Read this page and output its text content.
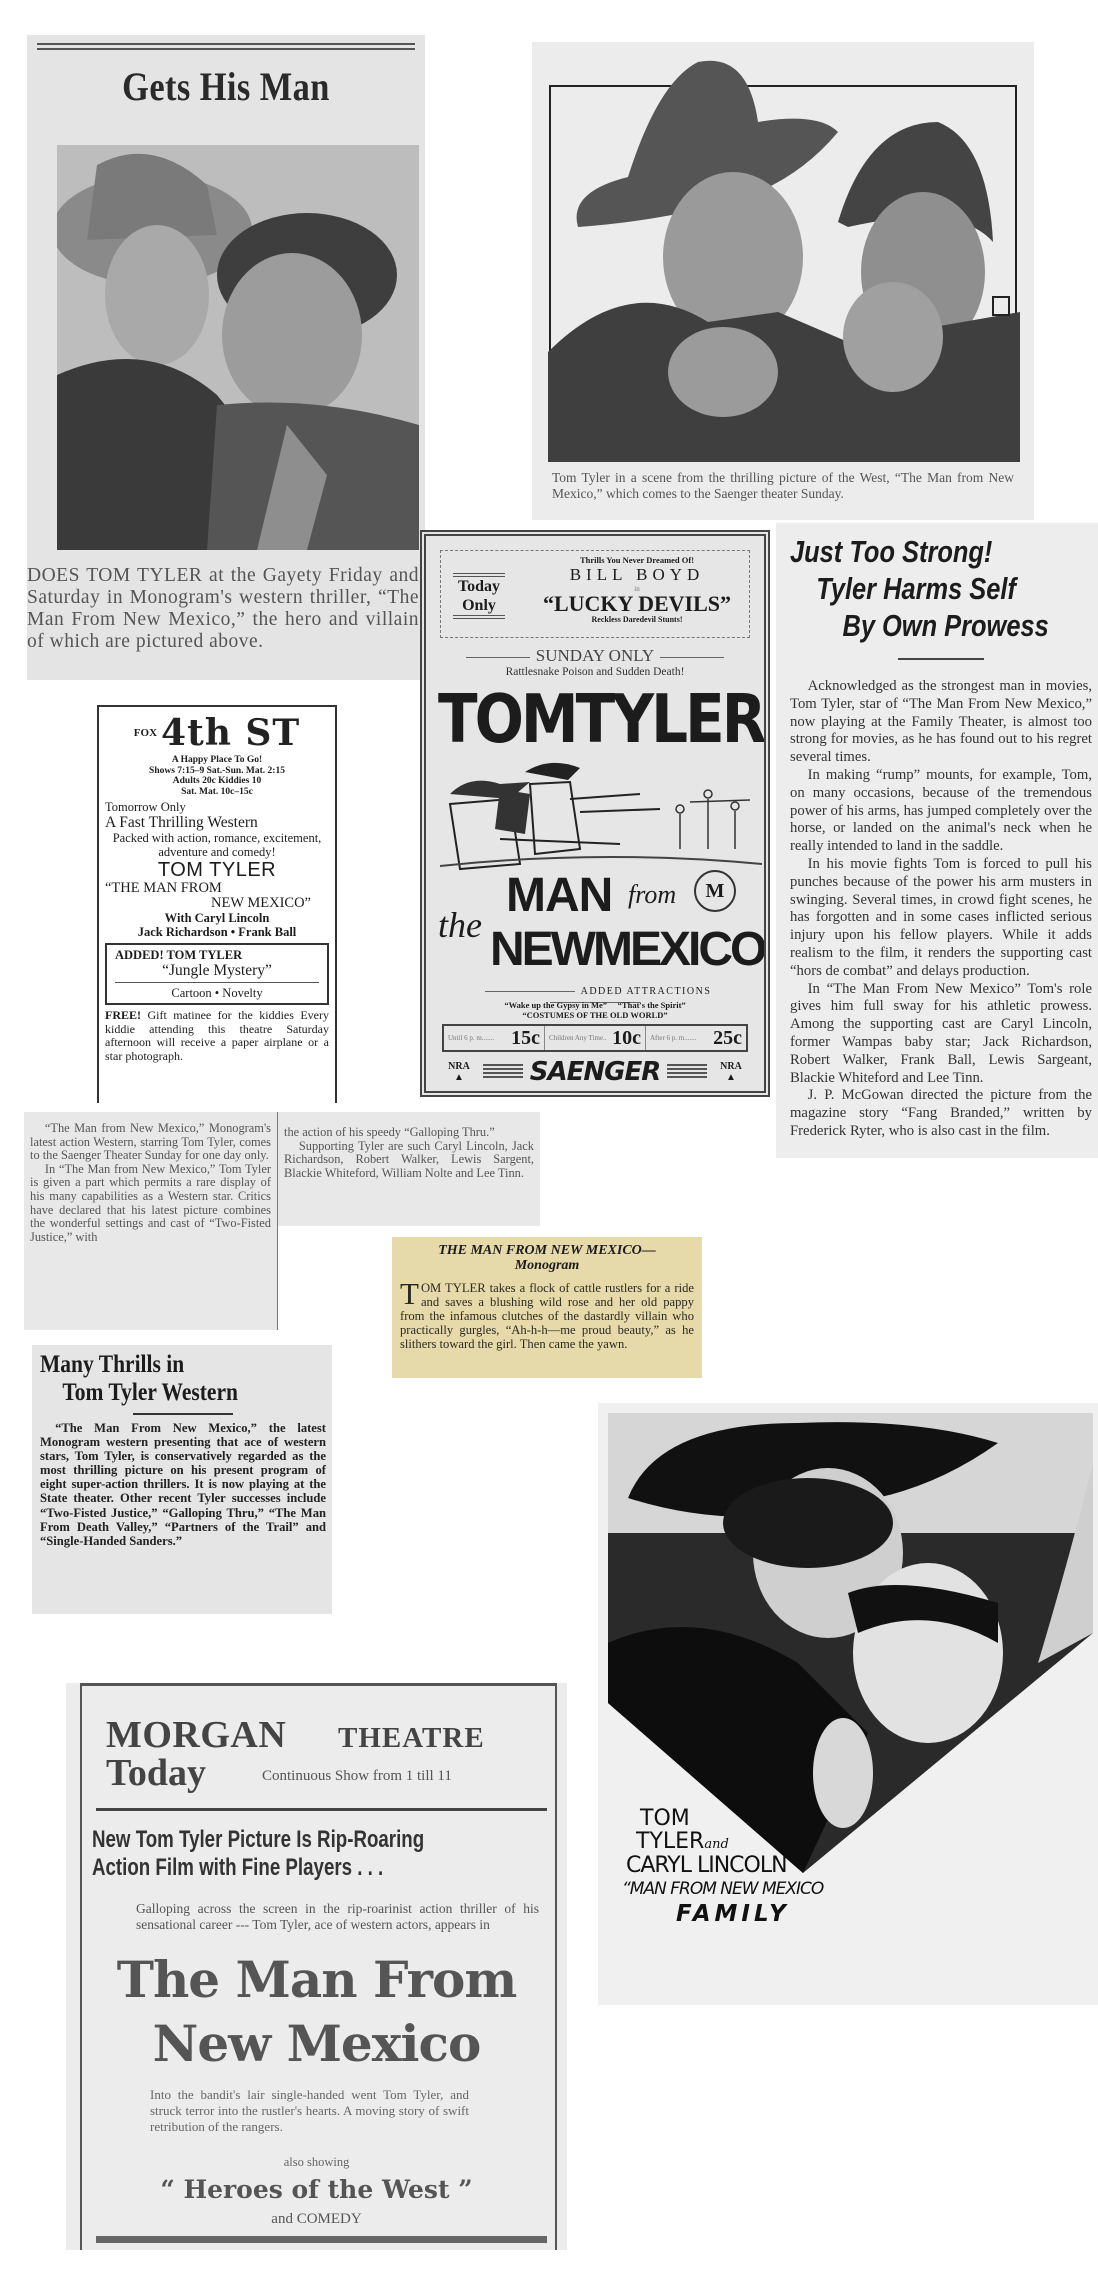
Gets His Man
DOES TOM TYLER at the Gayety Friday and Saturday in Monogram's western thriller, “The Man From New Mexico,” the hero and villain of which are pictured above.
Tom Tyler in a scene from the thrilling picture of the West, “The Man from New Mexico,” which comes to the Saenger theater Sunday.
FOX 4th ST
A Happy Place To Go!
Shows 7:15–9 Sat.-Sun. Mat. 2:15
Adults 20c Kiddies 10
Sat. Mat. 10c–15c
Tomorrow Only
A Fast Thrilling Western
Packed with action, romance, excitement, adventure and comedy!
TOM TYLER
“THE MAN FROM
NEW MEXICO”
With Caryl Lincoln
Jack Richardson • Frank Ball
ADDED! TOM TYLER
“Jungle Mystery”
Cartoon • Novelty
FREE! Gift matinee for the kiddies Every kiddie attending this theatre Saturday afternoon will receive a paper airplane or a star photograph.
Today
Only
Thrills You Never Dreamed Of!
BILL BOYD
in
“LUCKY DEVILS”
Reckless Daredevil Stunts!
SUNDAY ONLY
Rattlesnake Poison and Sudden Death!
TOMTYLER
the
MAN from	M
NEWMEXICO
ADDED ATTRACTIONS
“Wake up the Gypsy in Me” “That's the Spirit”
“COSTUMES OF THE OLD WORLD”
Until 6 p. m....... 15c Children Any Time.. 10c After 6 p. m....... 25c
NRA
▲	SAENGER	NRA
▲
Just Too Strong!
Tyler Harms Self
By Own Prowess

Acknowledged as the strongest man in movies, Tom Tyler, star of “The Man From New Mexico,” now playing at the Family Theater, is almost too strong for movies, as he has found out to his regret several times.

In making “rump” mounts, for example, Tom, on many occasions, because of the tremendous power of his arms, has jumped completely over the horse, or landed on the animal's neck when he really intended to land in the saddle.

In his movie fights Tom is forced to pull his punches because of the power his arm musters in swinging. Several times, in crowd fight scenes, he has forgotten and in some cases inflicted serious injury upon his fellow players. While it adds realism to the film, it renders the supporting cast “hors de combat” and delays production.

In “The Man From New Mexico” Tom's role gives him full sway for his athletic prowess. Among the supporting cast are Caryl Lincoln, former Wampas baby star; Jack Richardson, Robert Walker, Frank Ball, Lewis Sargeant, Blackie Whiteford and Lee Tinn.

J. P. McGowan directed the picture from the magazine story “Fang Branded,” written by Frederick Ryter, who is also cast in the film.

“The Man from New Mexico,” Monogram's latest action Western, starring Tom Tyler, comes to the Saenger Theater Sunday for one day only.

In “The Man from New Mexico,” Tom Tyler is given a part which permits a rare display of his many capabilities as a Western star. Critics have declared that his latest picture combines the wonderful settings and cast of “Two-Fisted Justice,” with

the action of his speedy “Galloping Thru.”

Supporting Tyler are such Caryl Lincoln, Jack Richardson, Robert Walker, Lewis Sargent, Blackie Whiteford, William Nolte and Lee Tinn.

THE MAN FROM NEW MEXICO—
Monogram
TOM TYLER takes a flock of cattle rustlers for a ride and saves a blushing wild rose and her old pappy from the infamous clutches of the dastardly villain who practically gurgles, “Ah-h-h—me proud beauty,” as he slithers toward the girl. Then came the yawn.
Many Thrills in
Tom Tyler Western
“The Man From New Mexico,” the latest Monogram western presenting that ace of western stars, Tom Tyler, is conservatively regarded as the most thrilling picture on his present program of eight super-action thrillers. It is now playing at the State theater. Other recent Tyler successes include “Two-Fisted Justice,” “Galloping Thru,” “The Man From Death Valley,” “Partners of the Trail” and “Single-Handed Sanders.”
MORGAN THEATRE
Today	Continuous Show from 1 till 11
New Tom Tyler Picture Is Rip-Roaring
Action Film with Fine Players . . .
Galloping across the screen in the rip-roarinist action thriller of his sensational career --- Tom Tyler, ace of western actors, appears in
The Man From
New Mexico
Into the bandit's lair single-handed went Tom Tyler, and struck terror into the rustler's hearts. A moving story of swift retribution of the rangers.
also showing
“ Heroes of the West ”
and COMEDY
TOM
TYLERand
CARYL LINCOLN
“MAN FROM NEW MEXICO
FAMILY
